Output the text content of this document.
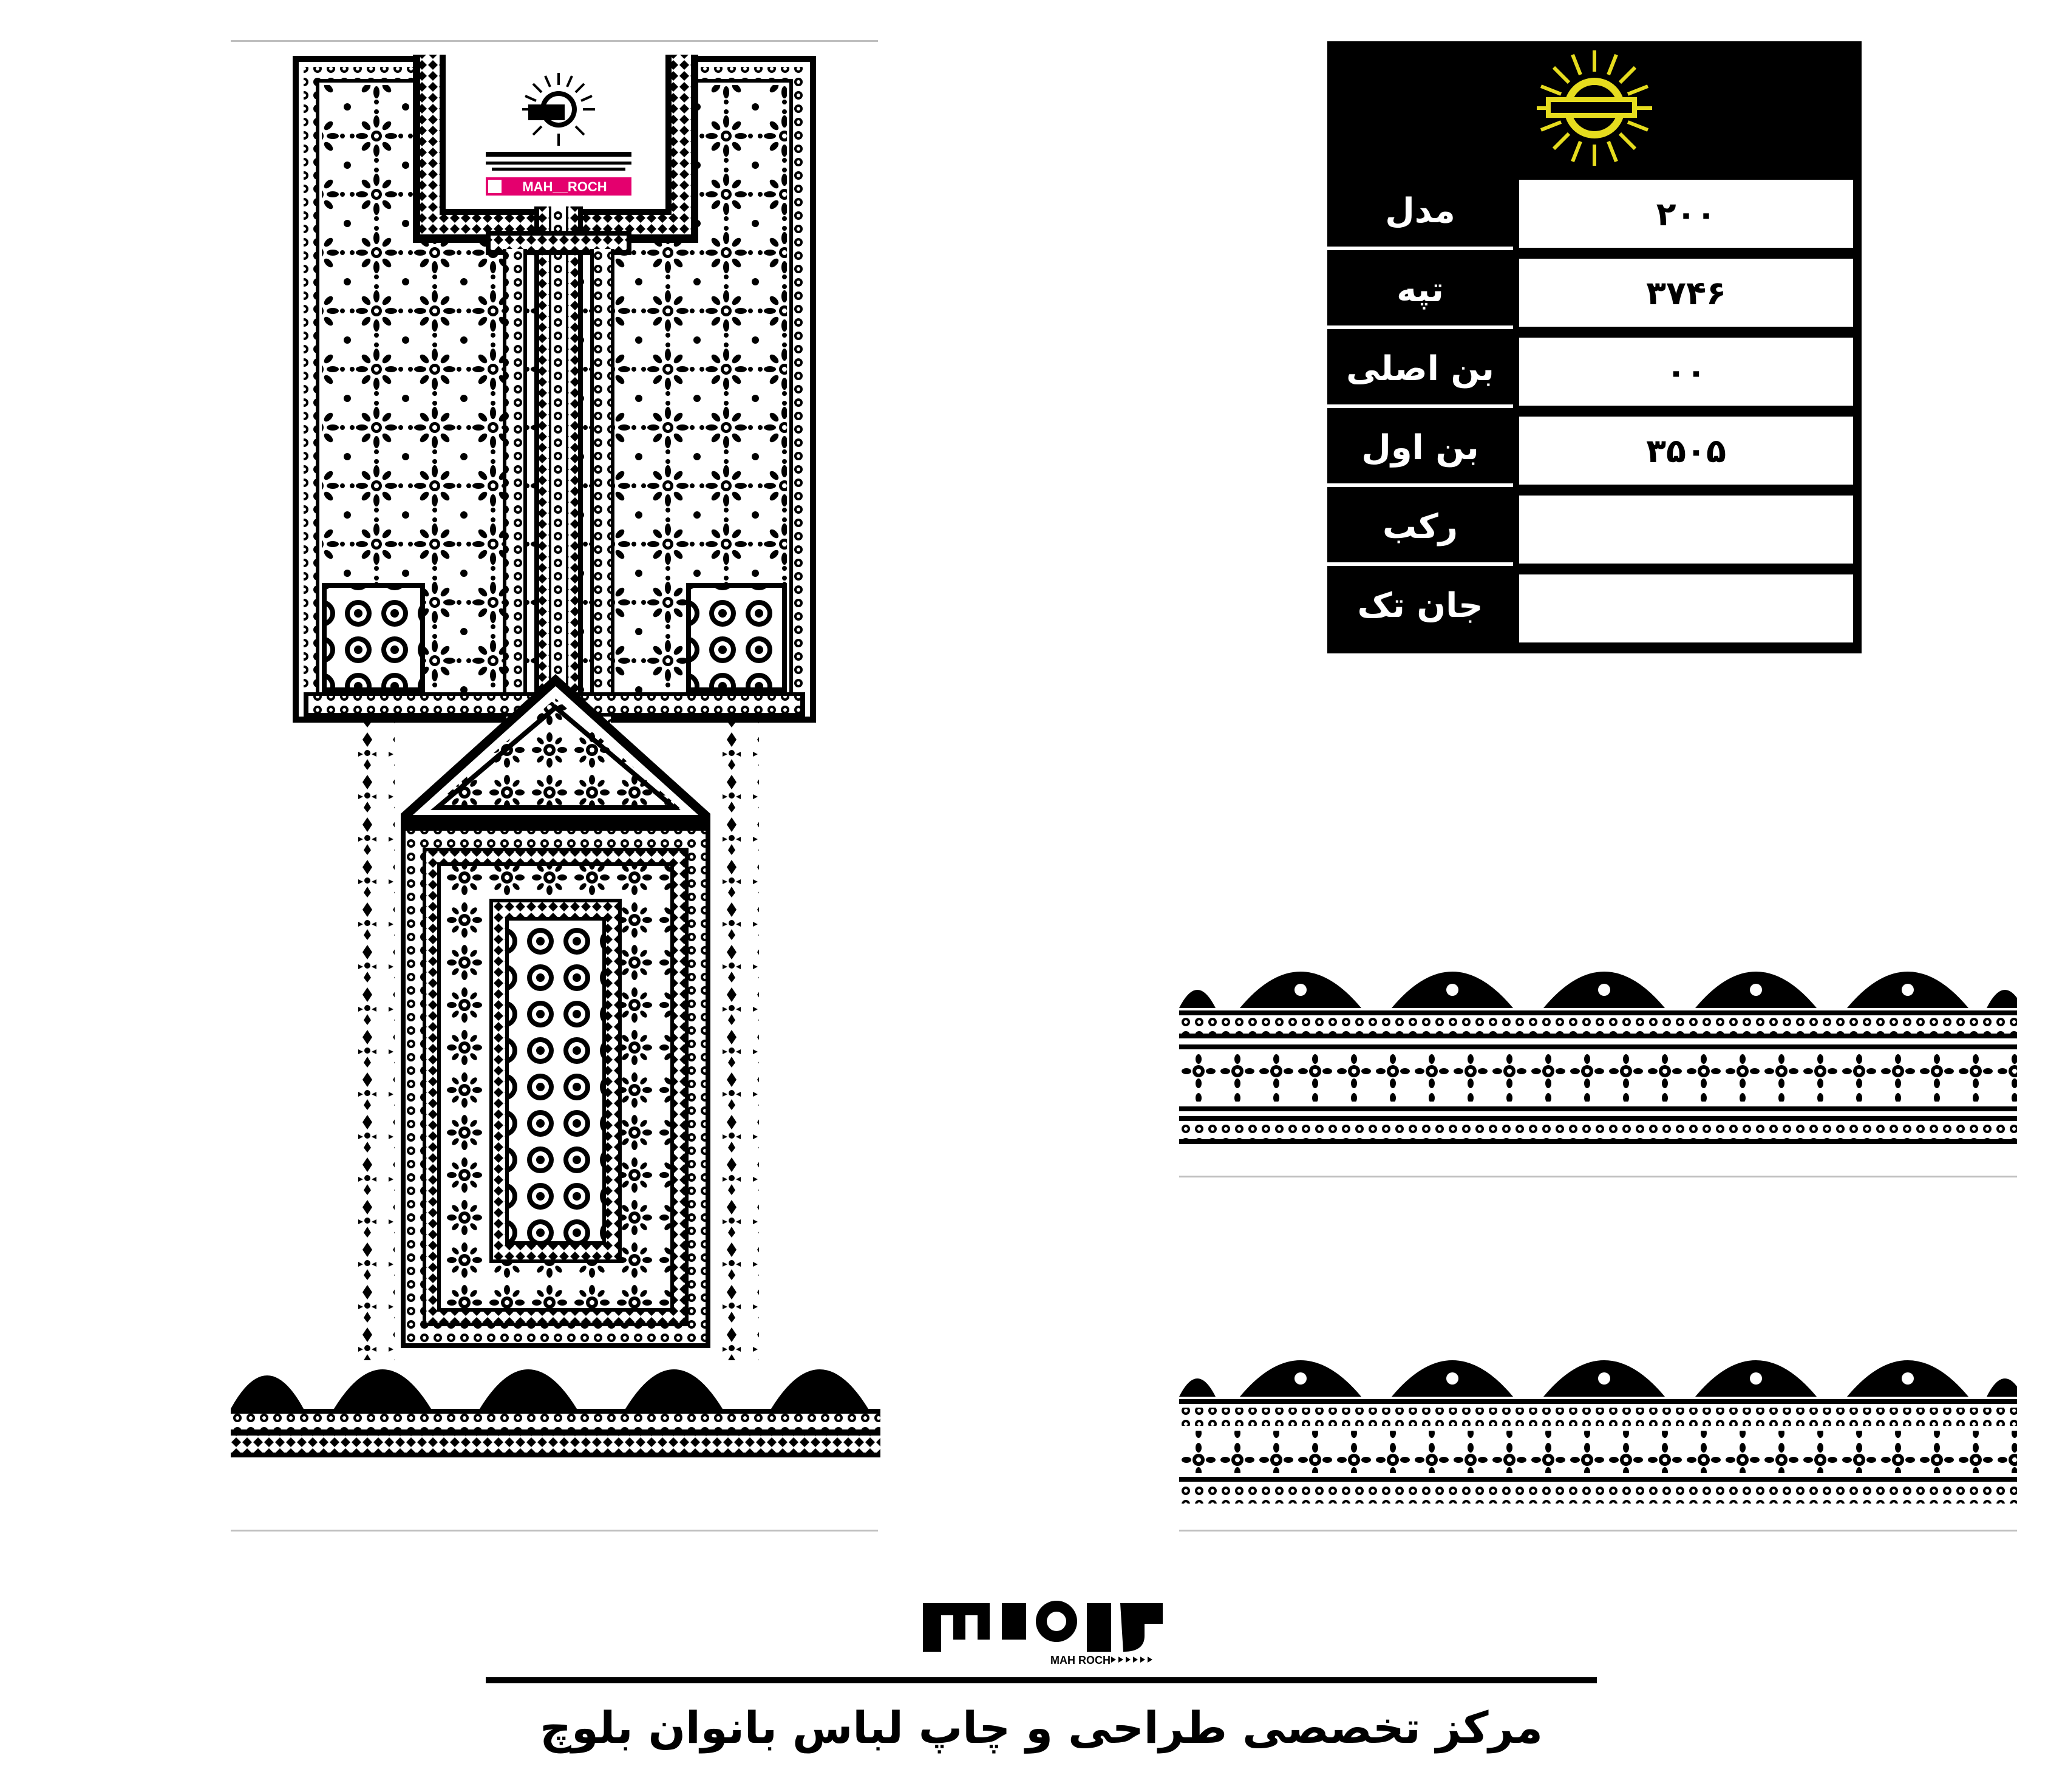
MAH__ROCH
مدل	۲۰۰
تپه	۳۷۴۶
بن اصلی	۰۰
بن اول	۳۵۰۵
رکب
جان تک
MAH ROCH
مرکز تخصصی طراحی و چاپ لباس بانوان بلوچ
